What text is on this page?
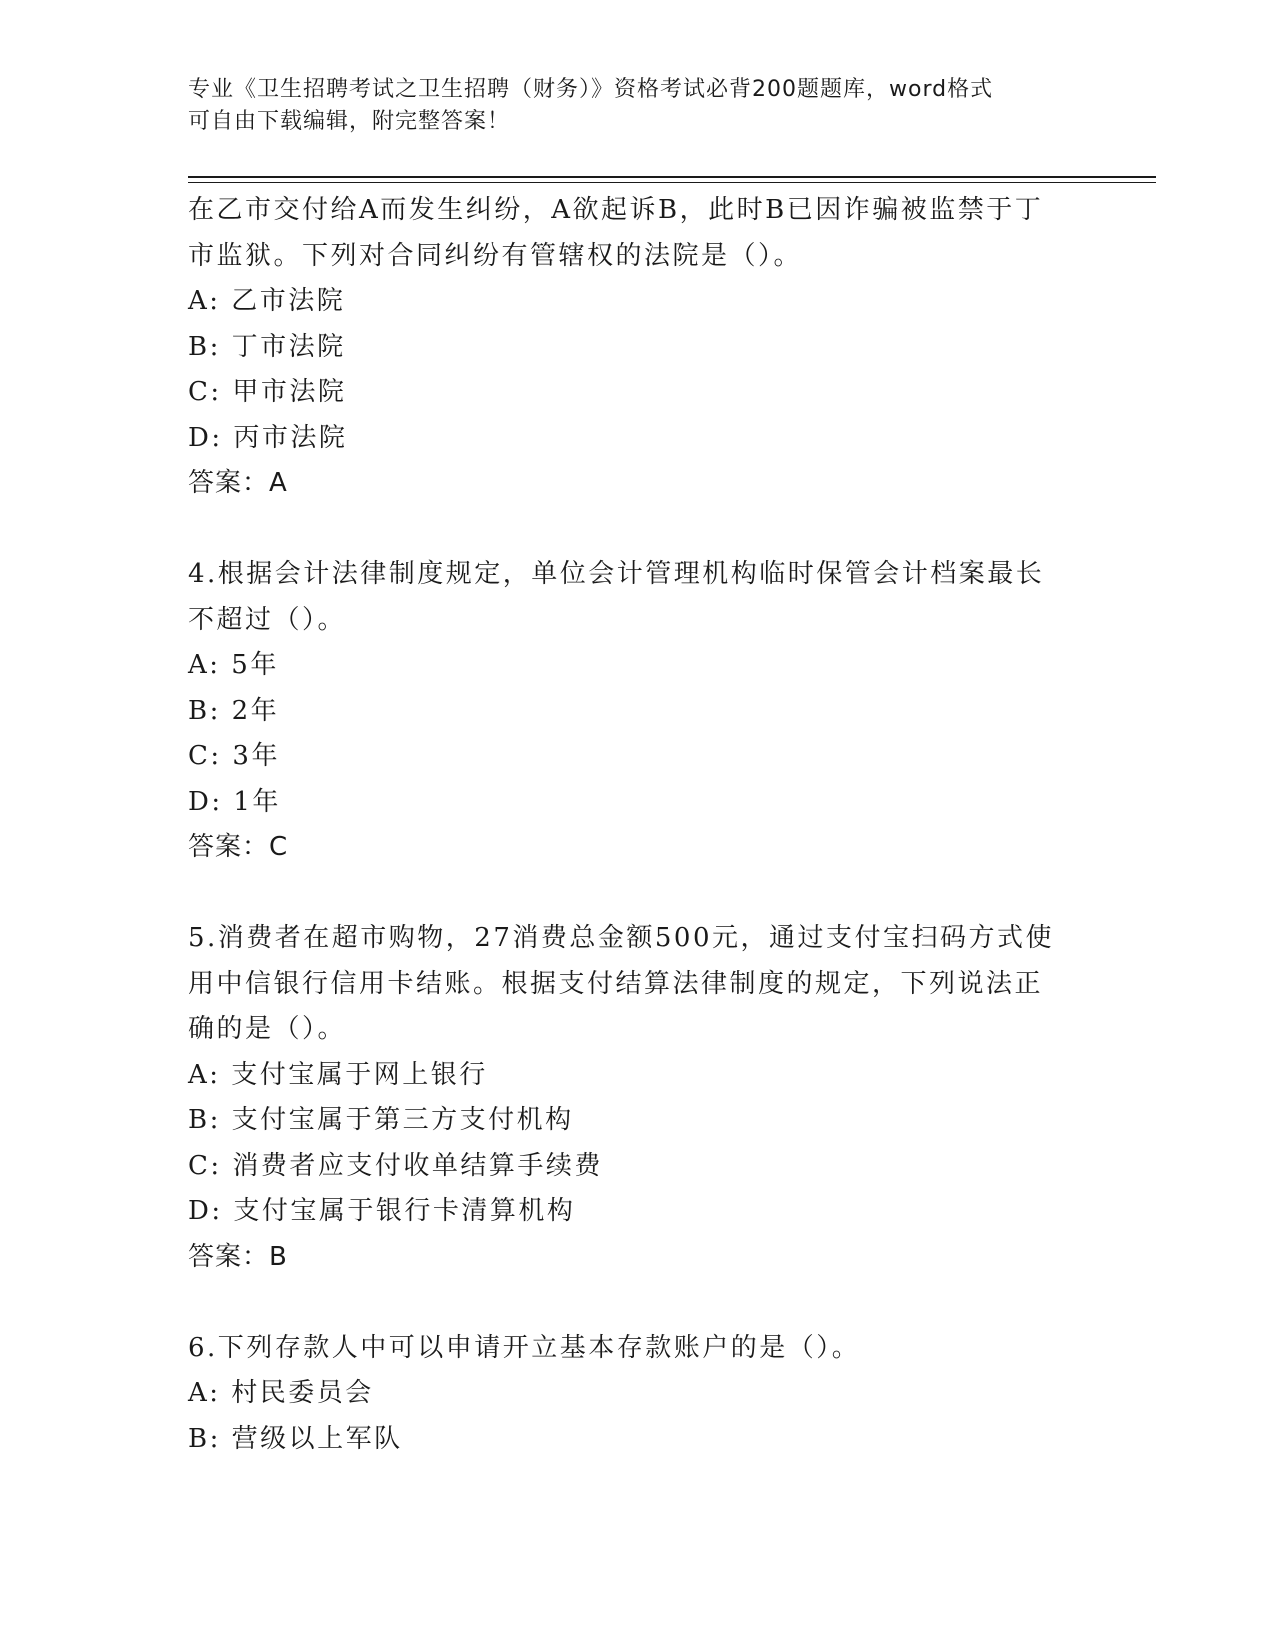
专业《卫生招聘考试之卫生招聘（财务）》资格考试必背200题题库，word格式
可自由下载编辑，附完整答案！
在乙市交付给A而发生纠纷，A欲起诉B，此时B已因诈骗被监禁于丁
市监狱。下列对合同纠纷有管辖权的法院是（）。
A: 乙市法院
B: 丁市法院
C: 甲市法院
D: 丙市法院
答案：A
4.根据会计法律制度规定，单位会计管理机构临时保管会计档案最长
不超过（）。
A: 5年
B: 2年
C: 3年
D: 1年
答案：C
5.消费者在超市购物，27消费总金额500元，通过支付宝扫码方式使
用中信银行信用卡结账。根据支付结算法律制度的规定，下列说法正
确的是（）。
A: 支付宝属于网上银行
B: 支付宝属于第三方支付机构
C: 消费者应支付收单结算手续费
D: 支付宝属于银行卡清算机构
答案：B
6.下列存款人中可以申请开立基本存款账户的是（）。
A: 村民委员会
B: 营级以上军队
